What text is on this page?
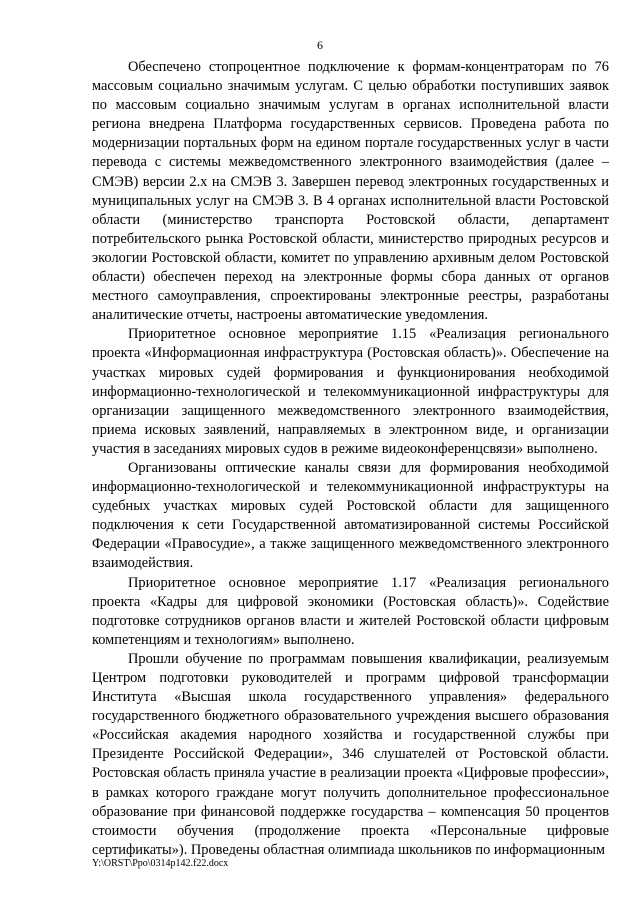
6

Обеспечено стопроцентное подключение к формам-концентраторам по 76 массовым социально значимым услугам. С целью обработки поступивших заявок по массовым социально значимым услугам в органах исполнительной власти региона внедрена Платформа государственных сервисов. Проведена работа по модернизации портальных форм на едином портале государственных услуг в части перевода с системы межведомственного электронного взаимодействия (далее – СМЭВ) версии 2.х на СМЭВ 3. Завершен перевод электронных государственных и муниципальных услуг на СМЭВ 3. В 4 органах исполнительной власти Ростовской области (министерство транспорта Ростовской области, департамент потребительского рынка Ростовской области, министерство природных ресурсов и экологии Ростовской области, комитет по управлению архивным делом Ростовской области) обеспечен переход на электронные формы сбора данных от органов местного самоуправления, спроектированы электронные реестры, разработаны аналитические отчеты, настроены автоматические уведомления.

Приоритетное основное мероприятие 1.15 «Реализация регионального проекта «Информационная инфраструктура (Ростовская область)». Обеспечение на участках мировых судей формирования и функционирования необходимой информационно-технологической и телекоммуникационной инфраструктуры для организации защищенного межведомственного электронного взаимодействия, приема исковых заявлений, направляемых в электронном виде, и организации участия в заседаниях мировых судов в режиме видеоконференцсвязи» выполнено.

Организованы оптические каналы связи для формирования необходимой информационно-технологической и телекоммуникационной инфраструктуры на судебных участках мировых судей Ростовской области для защищенного подключения к сети Государственной автоматизированной системы Российской Федерации «Правосудие», а также защищенного межведомственного электронного взаимодействия.

Приоритетное основное мероприятие 1.17 «Реализация регионального проекта «Кадры для цифровой экономики (Ростовская область)». Содействие подготовке сотрудников органов власти и жителей Ростовской области цифровым компетенциям и технологиям» выполнено.

Прошли обучение по программам повышения квалификации, реализуемым Центром подготовки руководителей и программ цифровой трансформации Института «Высшая школа государственного управления» федерального государственного бюджетного образовательного учреждения высшего образования «Российская академия народного хозяйства и государственной службы при Президенте Российской Федерации», 346 слушателей от Ростовской области. Ростовская область приняла участие в реализации проекта «Цифровые профессии», в рамках которого граждане могут получить дополнительное профессиональное образование при финансовой поддержке государства – компенсация 50 процентов стоимости обучения (продолжение проекта «Персональные цифровые сертификаты»). Проведены областная олимпиада школьников по информационным

Y:\ORST\Ppo\0314p142.f22.docx
